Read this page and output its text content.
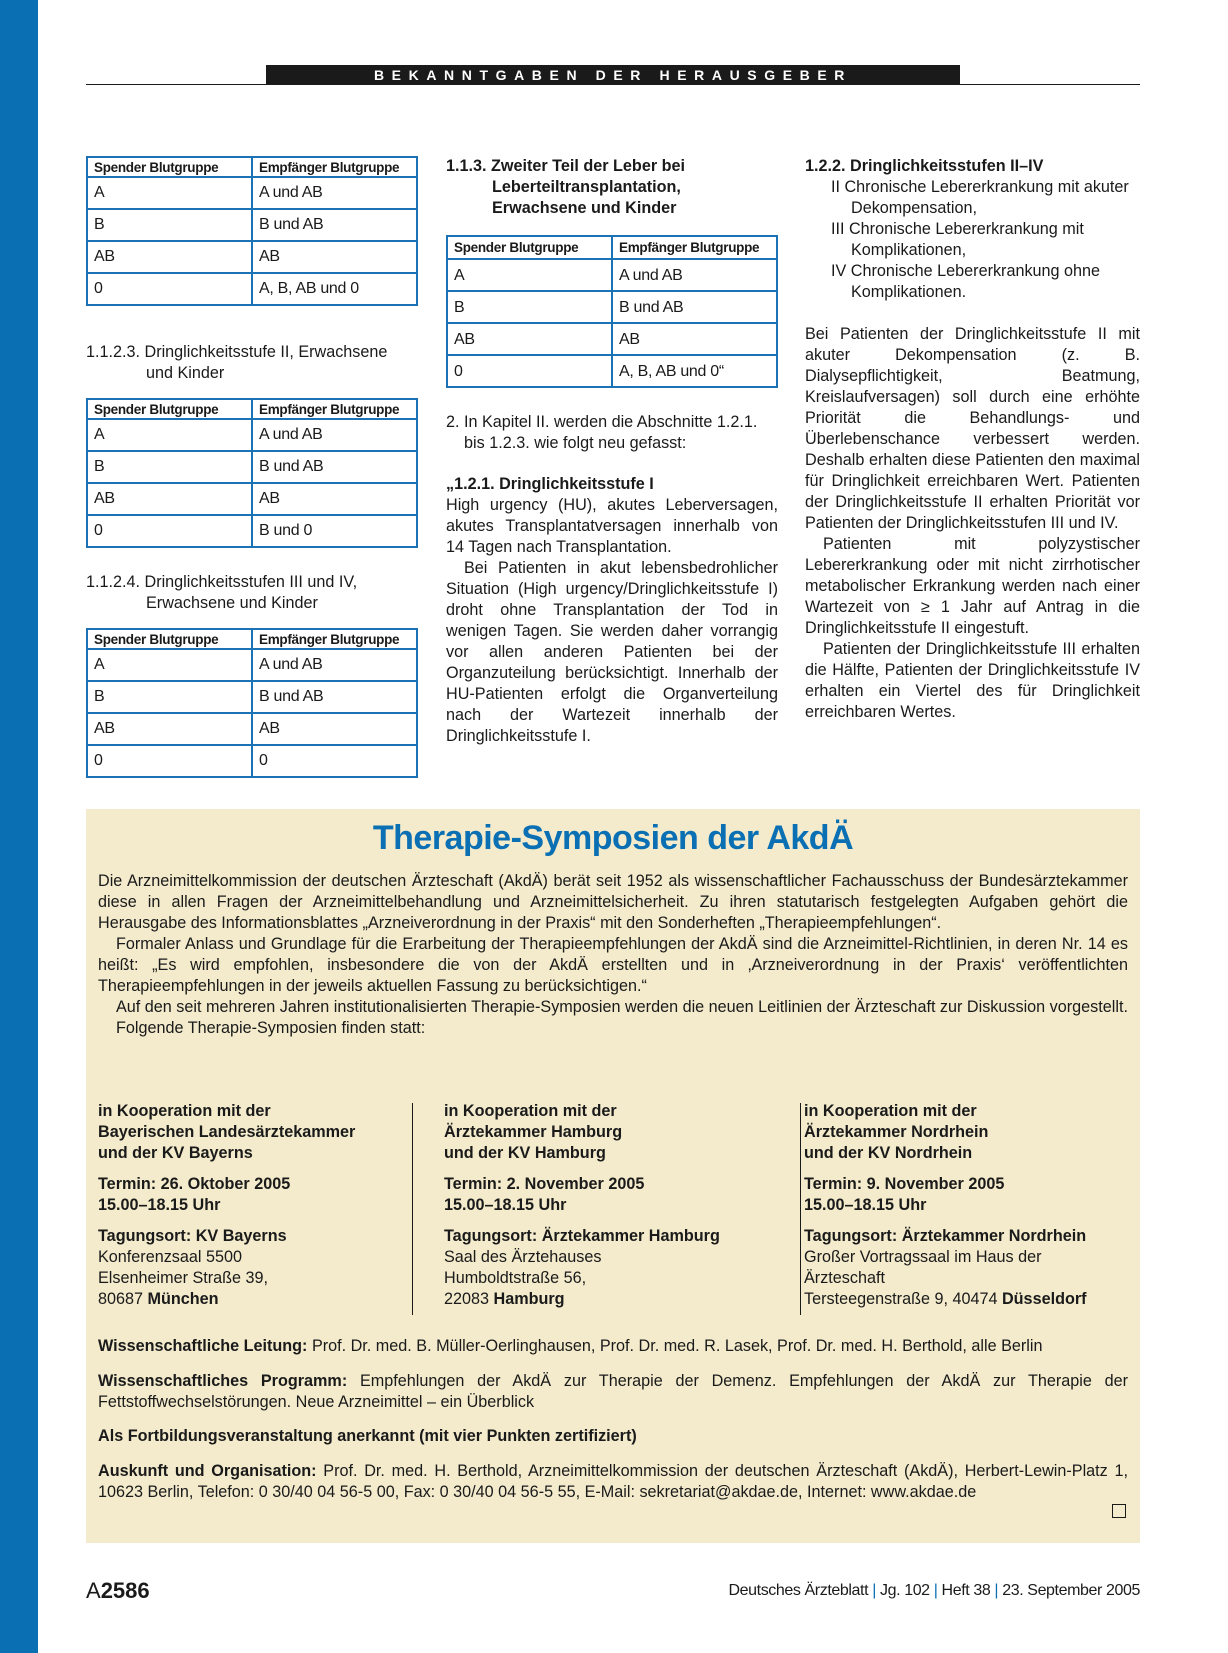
BEKANNTGABEN DER HERAUSGEBER
Spender Blutgruppe	Empfänger Blutgruppe
A	A und AB
B	B und AB
AB	AB
0	A, B, AB und 0

1.1.2.3. Dringlichkeitsstufe II, Erwachsene und Kinder

Spender Blutgruppe	Empfänger Blutgruppe
A	A und AB
B	B und AB
AB	AB
0	B und 0

1.1.2.4. Dringlichkeitsstufen III und IV, Erwachsene und Kinder

Spender Blutgruppe	Empfänger Blutgruppe
A	A und AB
B	B und AB
AB	AB
0	0

1.1.3. Zweiter Teil der Leber bei Leberteiltransplantation, Erwachsene und Kinder

Spender Blutgruppe	Empfänger Blutgruppe
A	A und AB
B	B und AB
AB	AB
0	A, B, AB und 0“

2. In Kapitel II. werden die Abschnitte 1.2.1. bis 1.2.3. wie folgt neu gefasst:

„1.2.1. Dringlichkeitsstufe I

High urgency (HU), akutes Leberversagen, akutes Transplantatversagen innerhalb von 14 Tagen nach Transplantation.

Bei Patienten in akut lebensbedrohlicher Situation (High urgency/Dringlichkeitsstufe I) droht ohne Transplantation der Tod in wenigen Tagen. Sie werden daher vorrangig vor allen anderen Patienten bei der Organzuteilung berücksichtigt. Innerhalb der HU-Patienten erfolgt die Organverteilung nach der Wartezeit innerhalb der Dringlichkeitsstufe I.

1.2.2. Dringlichkeitsstufen II–IV

II Chronische Lebererkrankung mit akuter Dekompensation,

III Chronische Lebererkrankung mit Komplikationen,

IV Chronische Lebererkrankung ohne Komplikationen.

Bei Patienten der Dringlichkeitsstufe II mit akuter Dekompensation (z. B. Dialysepflichtigkeit, Beatmung, Kreislaufversagen) soll durch eine erhöhte Priorität die Behandlungs- und Überlebenschance verbessert werden. Deshalb erhalten diese Patienten den maximal für Dringlichkeit erreichbaren Wert. Patienten der Dringlichkeitsstufe II erhalten Priorität vor Patienten der Dringlichkeitsstufen III und IV.

Patienten mit polyzystischer Lebererkrankung oder mit nicht zirrhotischer metabolischer Erkrankung werden nach einer Wartezeit von ≥ 1 Jahr auf Antrag in die Dringlichkeitsstufe II eingestuft.

Patienten der Dringlichkeitsstufe III erhalten die Hälfte, Patienten der Dringlichkeitsstufe IV erhalten ein Viertel des für Dringlichkeit erreichbaren Wertes.

Therapie-Symposien der AkdÄ

Die Arzneimittelkommission der deutschen Ärzteschaft (AkdÄ) berät seit 1952 als wissenschaftlicher Fachausschuss der Bundesärztekammer diese in allen Fragen der Arzneimittelbehandlung und Arzneimittelsicherheit. Zu ihren statutarisch festgelegten Aufgaben gehört die Herausgabe des Informationsblattes „Arzneiverordnung in der Praxis“ mit den Sonderheften „Therapieempfehlungen“.

Formaler Anlass und Grundlage für die Erarbeitung der Therapieempfehlungen der AkdÄ sind die Arzneimittel-Richtlinien, in deren Nr. 14 es heißt: „Es wird empfohlen, insbesondere die von der AkdÄ erstellten und in ‚Arzneiverordnung in der Praxis‘ veröffentlichten Therapieempfehlungen in der jeweils aktuellen Fassung zu berücksichtigen.“

Auf den seit mehreren Jahren institutionalisierten Therapie-Symposien werden die neuen Leitlinien der Ärzteschaft zur Diskussion vorgestellt.

Folgende Therapie-Symposien finden statt:

in Kooperation mit der
Bayerischen Landesärztekammer
und der KV Bayerns

Termin: 26. Oktober 2005
15.00–18.15 Uhr

Tagungsort: KV Bayerns
Konferenzsaal 5500
Elsenheimer Straße 39,
80687 München

in Kooperation mit der
Ärztekammer Hamburg
und der KV Hamburg

Termin: 2. November 2005
15.00–18.15 Uhr

Tagungsort: Ärztekammer Hamburg
Saal des Ärztehauses
Humboldtstraße 56,
22083 Hamburg

in Kooperation mit der
Ärztekammer Nordrhein
und der KV Nordrhein

Termin: 9. November 2005
15.00–18.15 Uhr

Tagungsort: Ärztekammer Nordrhein
Großer Vortragssaal im Haus der
Ärzteschaft
Tersteegenstraße 9, 40474 Düsseldorf

Wissenschaftliche Leitung: Prof. Dr. med. B. Müller-Oerlinghausen, Prof. Dr. med. R. Lasek, Prof. Dr. med. H. Berthold, alle Berlin

Wissenschaftliches Programm: Empfehlungen der AkdÄ zur Therapie der Demenz. Empfehlungen der AkdÄ zur Therapie der Fettstoffwechselstörungen. Neue Arzneimittel – ein Überblick

Als Fortbildungsveranstaltung anerkannt (mit vier Punkten zertifiziert)

Auskunft und Organisation: Prof. Dr. med. H. Berthold, Arzneimittelkommission der deutschen Ärzteschaft (AkdÄ), Herbert-Lewin-Platz 1, 10623 Berlin, Telefon: 0 30/40 04 56-5 00, Fax: 0 30/40 04 56-5 55, E-Mail: sekretariat@akdae.de, Internet: www.akdae.de

A2586	Deutsches Ärzteblatt | Jg. 102 | Heft 38 | 23. September 2005
